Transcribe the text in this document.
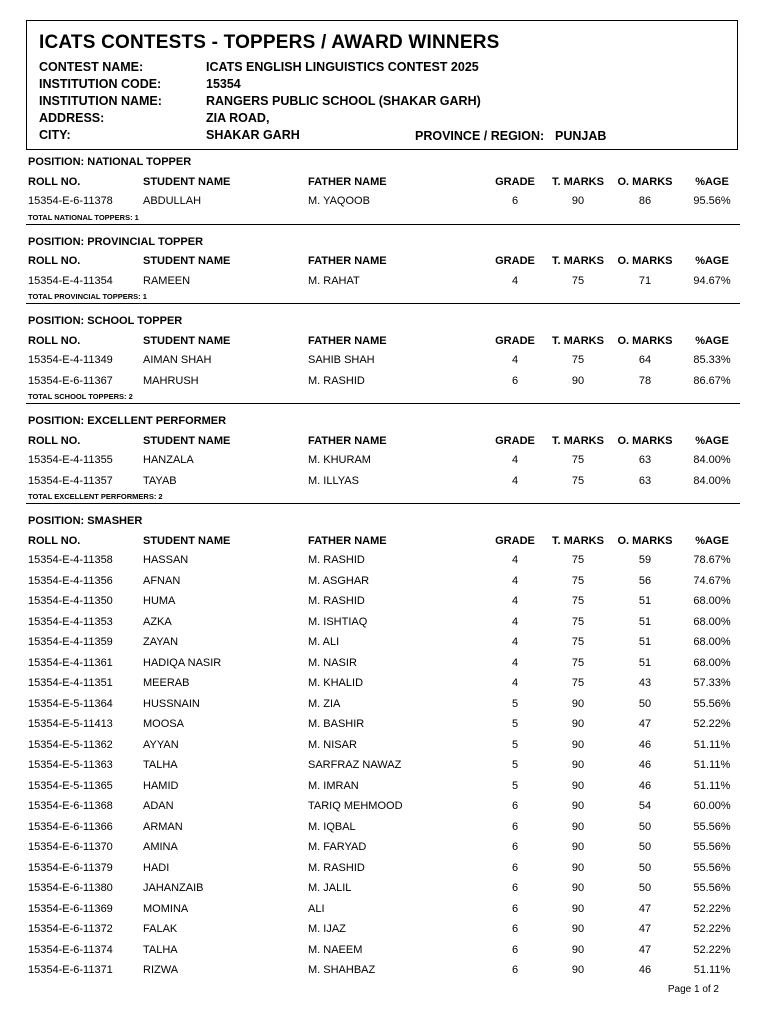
ICATS CONTESTS - TOPPERS / AWARD WINNERS
CONTEST NAME:	ICATS ENGLISH LINGUISTICS CONTEST 2025
INSTITUTION CODE:	15354
INSTITUTION NAME:	RANGERS PUBLIC SCHOOL (SHAKAR GARH)
ADDRESS:	ZIA ROAD,
CITY:	SHAKAR GARH	PROVINCE / REGION: PUNJAB
POSITION: NATIONAL TOPPER
ROLL NO.	STUDENT NAME	FATHER NAME	GRADE	T. MARKS	O. MARKS	%AGE
15354-E-6-11378	ABDULLAH	M. YAQOOB	6	90	86	95.56%
TOTAL NATIONAL TOPPERS: 1
POSITION: PROVINCIAL TOPPER
ROLL NO.	STUDENT NAME	FATHER NAME	GRADE	T. MARKS	O. MARKS	%AGE
15354-E-4-11354	RAMEEN	M. RAHAT	4	75	71	94.67%
TOTAL PROVINCIAL TOPPERS: 1
POSITION: SCHOOL TOPPER
ROLL NO.	STUDENT NAME	FATHER NAME	GRADE	T. MARKS	O. MARKS	%AGE
15354-E-4-11349	AIMAN SHAH	SAHIB SHAH	4	75	64	85.33%
15354-E-6-11367	MAHRUSH	M. RASHID	6	90	78	86.67%
TOTAL SCHOOL TOPPERS: 2
POSITION: EXCELLENT PERFORMER
ROLL NO.	STUDENT NAME	FATHER NAME	GRADE	T. MARKS	O. MARKS	%AGE
15354-E-4-11355	HANZALA	M. KHURAM	4	75	63	84.00%
15354-E-4-11357	TAYAB	M. ILLYAS	4	75	63	84.00%
TOTAL EXCELLENT PERFORMERS: 2
POSITION: SMASHER
ROLL NO.	STUDENT NAME	FATHER NAME	GRADE	T. MARKS	O. MARKS	%AGE
15354-E-4-11358	HASSAN	M. RASHID	4	75	59	78.67%
15354-E-4-11356	AFNAN	M. ASGHAR	4	75	56	74.67%
15354-E-4-11350	HUMA	M. RASHID	4	75	51	68.00%
15354-E-4-11353	AZKA	M. ISHTIAQ	4	75	51	68.00%
15354-E-4-11359	ZAYAN	M. ALI	4	75	51	68.00%
15354-E-4-11361	HADIQA NASIR	M. NASIR	4	75	51	68.00%
15354-E-4-11351	MEERAB	M. KHALID	4	75	43	57.33%
15354-E-5-11364	HUSSNAIN	M. ZIA	5	90	50	55.56%
15354-E-5-11413	MOOSA	M. BASHIR	5	90	47	52.22%
15354-E-5-11362	AYYAN	M. NISAR	5	90	46	51.11%
15354-E-5-11363	TALHA	SARFRAZ NAWAZ	5	90	46	51.11%
15354-E-5-11365	HAMID	M. IMRAN	5	90	46	51.11%
15354-E-6-11368	ADAN	TARIQ MEHMOOD	6	90	54	60.00%
15354-E-6-11366	ARMAN	M. IQBAL	6	90	50	55.56%
15354-E-6-11370	AMINA	M. FARYAD	6	90	50	55.56%
15354-E-6-11379	HADI	M. RASHID	6	90	50	55.56%
15354-E-6-11380	JAHANZAIB	M. JALIL	6	90	50	55.56%
15354-E-6-11369	MOMINA	ALI	6	90	47	52.22%
15354-E-6-11372	FALAK	M. IJAZ	6	90	47	52.22%
15354-E-6-11374	TALHA	M. NAEEM	6	90	47	52.22%
15354-E-6-11371	RIZWA	M. SHAHBAZ	6	90	46	51.11%
Page 1 of 2
